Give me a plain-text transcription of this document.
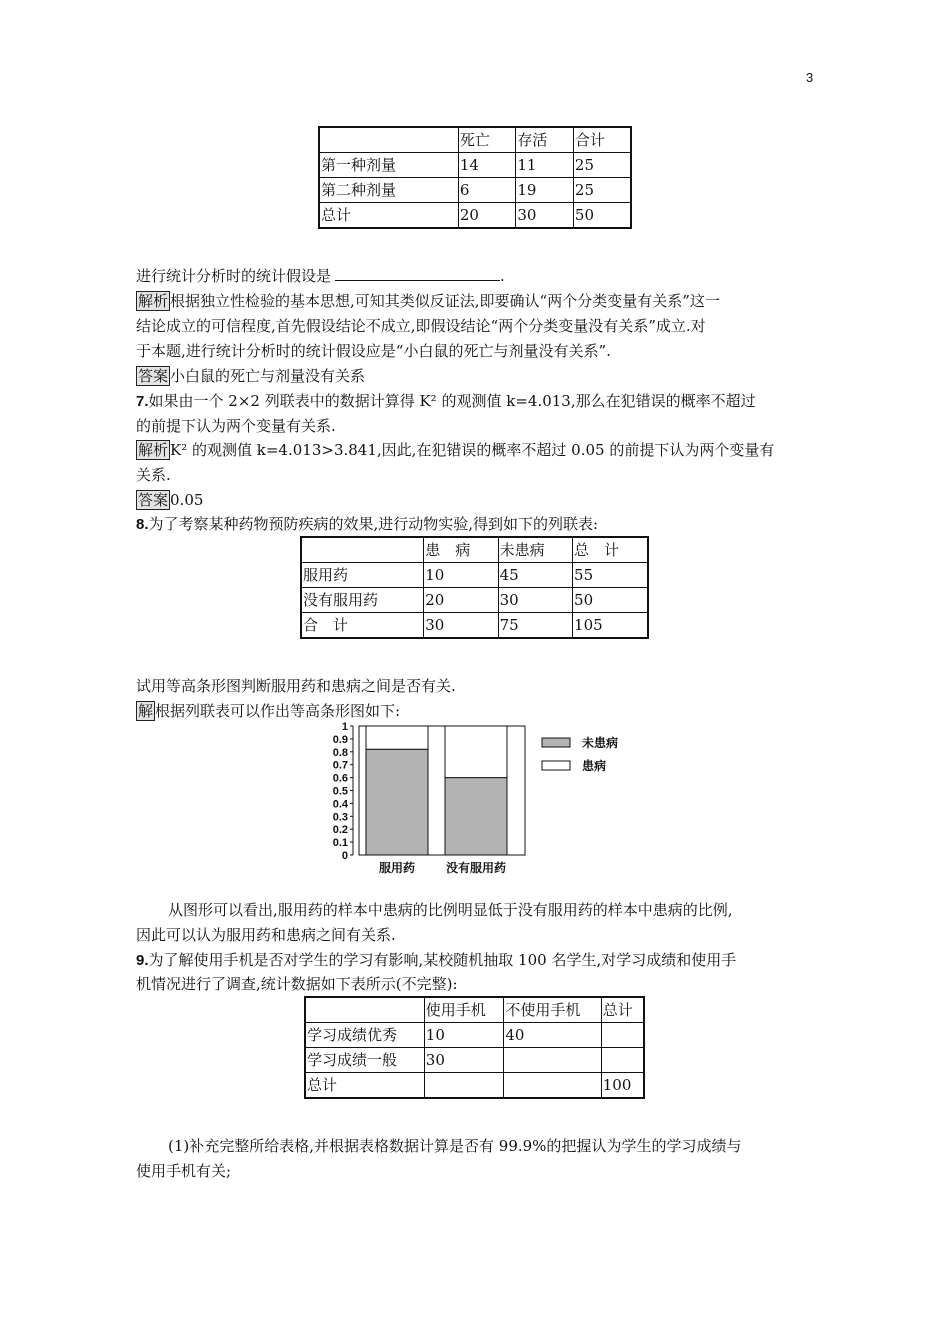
3
	死亡	存活	合计
第一种剂量	14	11	25
第二种剂量	6	19	25
总计	20	30	50
进行统计分析时的统计假设是	.
解析 根据独立性检验的基本思想,可知其类似反证法,即要确认“两个分类变量有关系”这一
结论成立的可信程度,首先假设结论不成立,即假设结论“两个分类变量没有关系”成立.对
于本题,进行统计分析时的统计假设应是“小白鼠的死亡与剂量没有关系”.
答案 小白鼠的死亡与剂量没有关系
7.如果由一个 2×2 列联表中的数据计算得 K² 的观测值 k=4.013,那么在犯错误的概率不超过
的前提下认为两个变量有关系.
解析 K² 的观测值 k=4.013>3.841,因此,在犯错误的概率不超过 0.05 的前提下认为两个变量有
关系.
答案 0.05
8.为了考察某种药物预防疾病的效果,进行动物实验,得到如下的列联表:
	患　病	未患病	总　计
服用药	10	45	55
没有服用药	20	30	50
合　计	30	75	105
试用等高条形图判断服用药和患病之间是否有关.
解 根据列联表可以作出等高条形图如下:
0
0.1
0.2
0.3
0.4
0.5
0.6
0.7
0.8
0.9
1
服用药	没有服用药
未患病
患病
从图形可以看出,服用药的样本中患病的比例明显低于没有服用药的样本中患病的比例,
因此可以认为服用药和患病之间有关系.
9.为了解使用手机是否对学生的学习有影响,某校随机抽取 100 名学生,对学习成绩和使用手
机情况进行了调查,统计数据如下表所示(不完整):
	使用手机	不使用手机	总计
学习成绩优秀	10	40	
学习成绩一般	30		
总计			100
(1)补充完整所给表格,并根据表格数据计算是否有 99.9%的把握认为学生的学习成绩与
使用手机有关;
